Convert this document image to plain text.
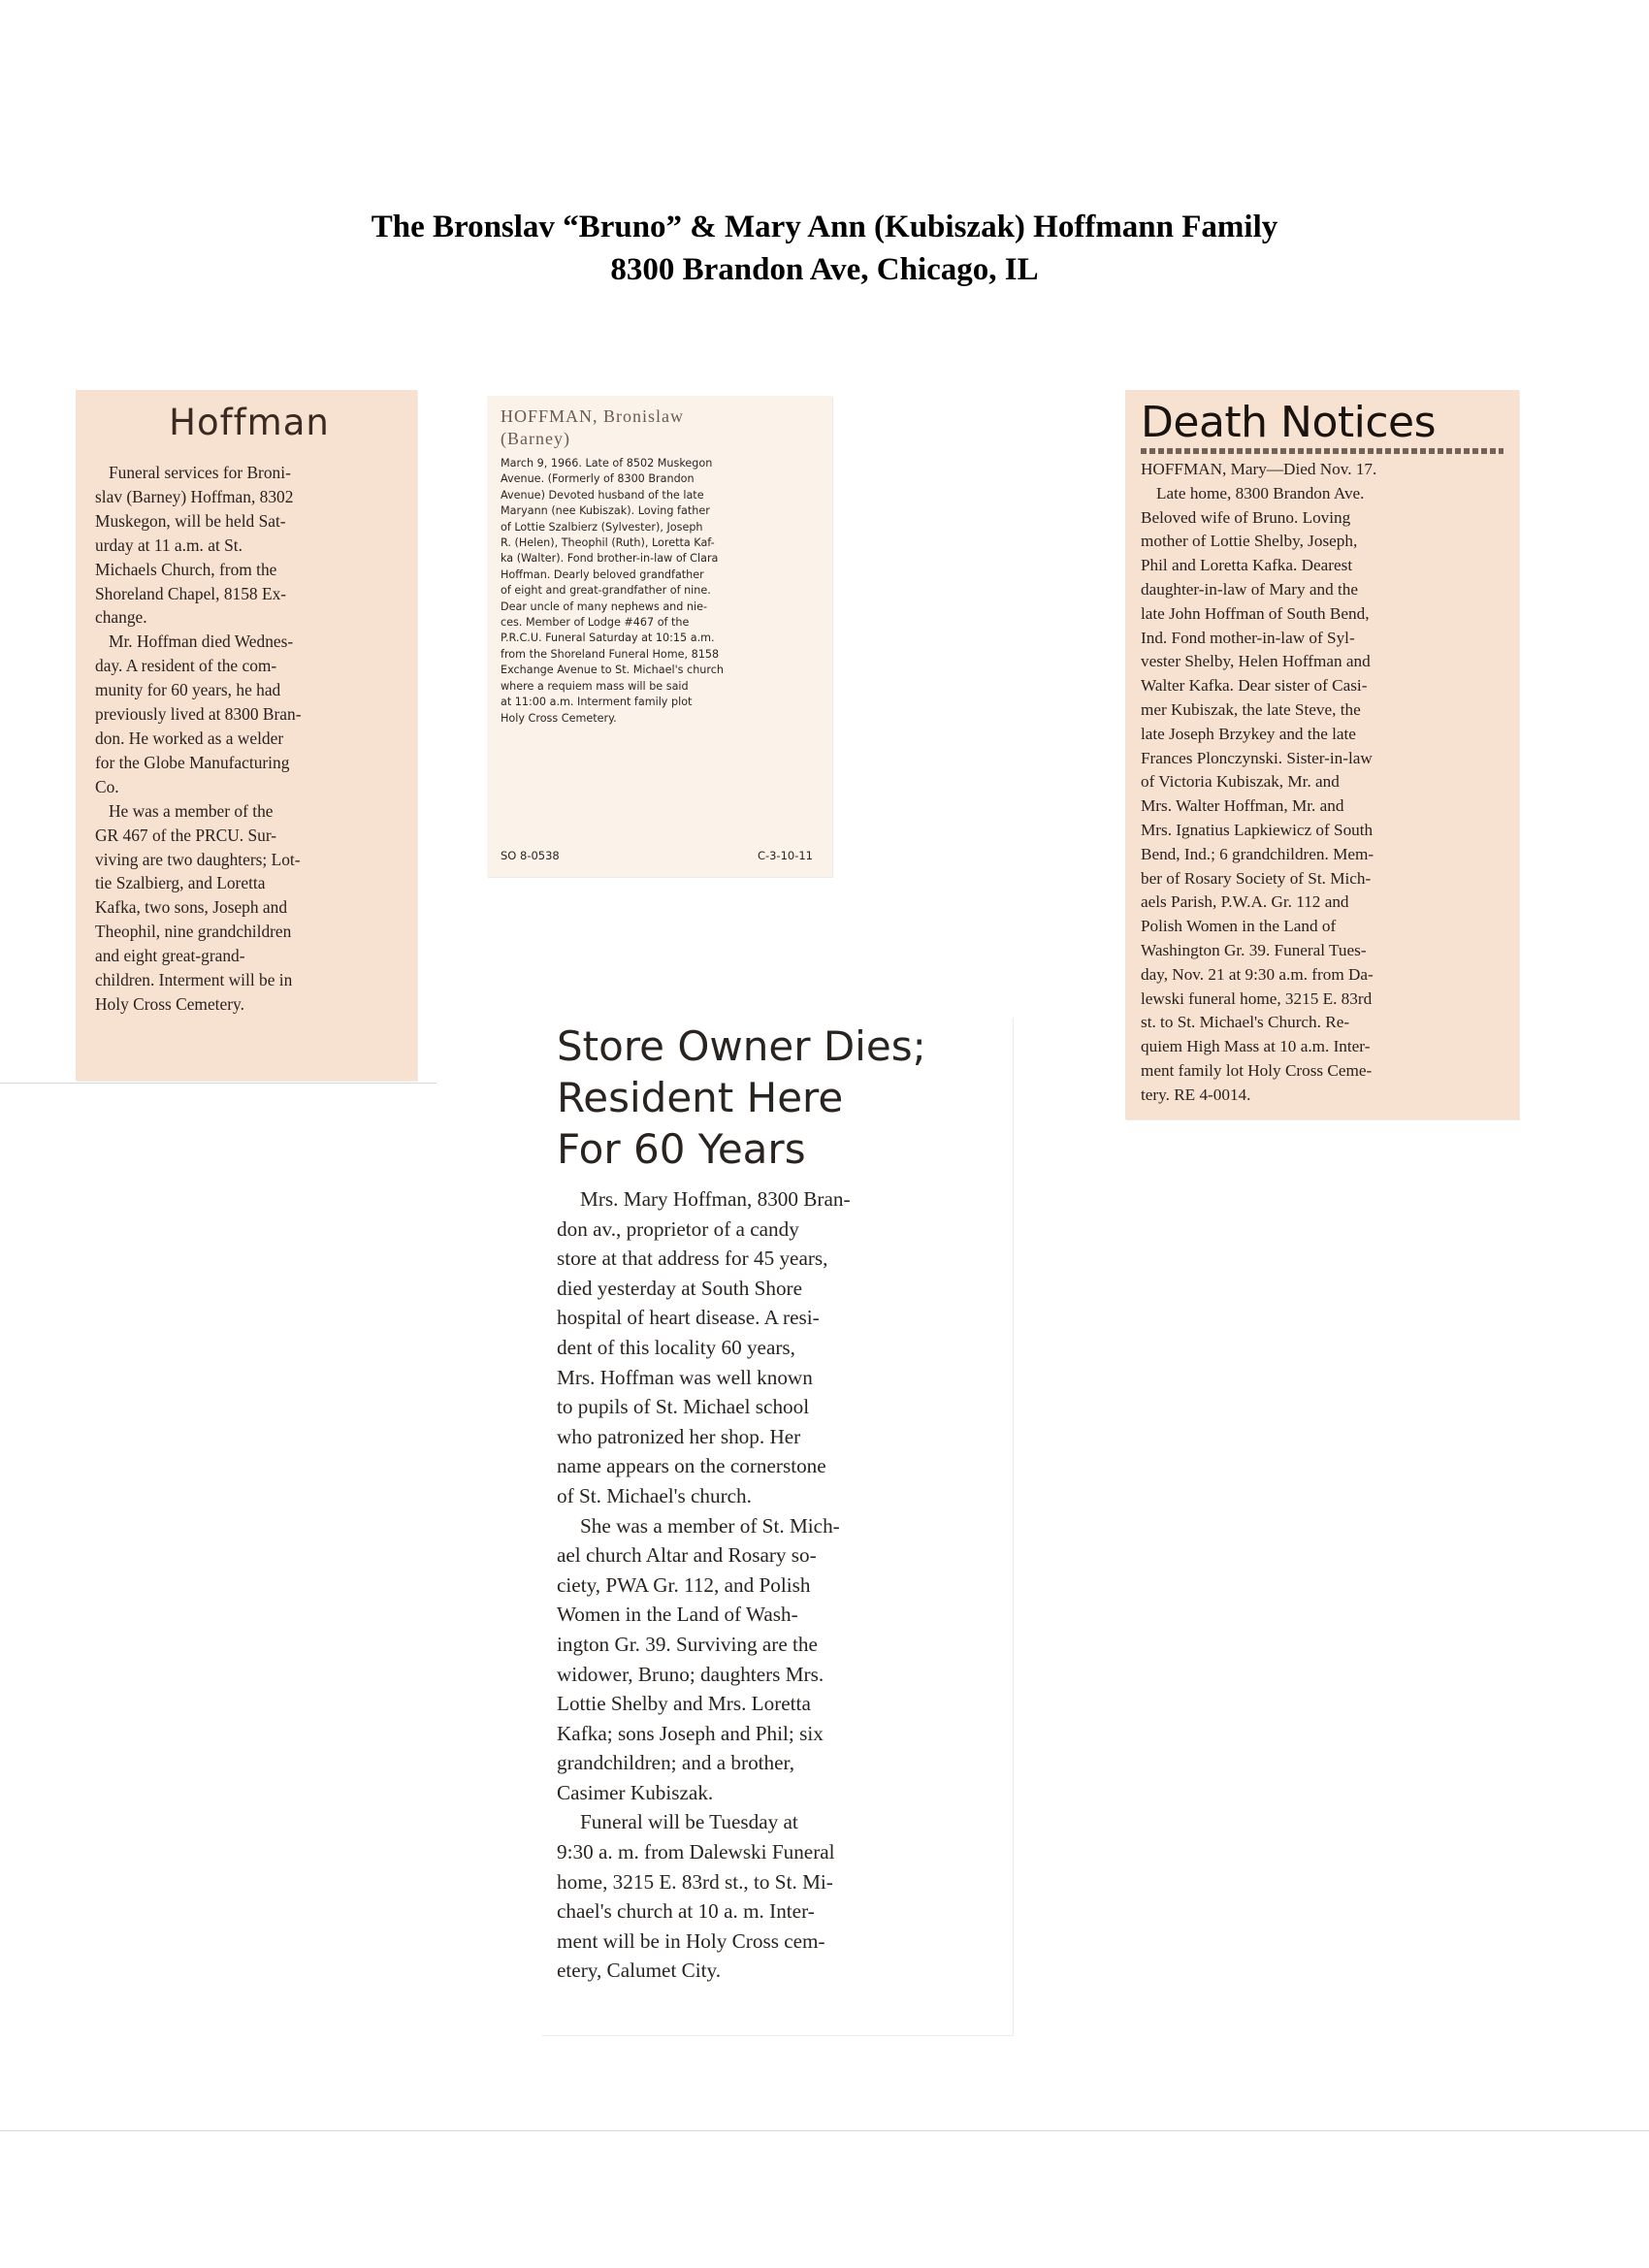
The Bronslav “Bruno” & Mary Ann (Kubiszak) Hoffmann Family
8300 Brandon Ave, Chicago, IL
Hoffman

Funeral services for Broni-

slav (Barney) Hoffman, 8302

Muskegon, will be held Sat-

urday at 11 a.m. at St.

Michaels Church, from the

Shoreland Chapel, 8158 Ex-

change.

Mr. Hoffman died Wednes-

day. A resident of the com-

munity for 60 years, he had

previously lived at 8300 Bran-

don. He worked as a welder

for the Globe Manufacturing

Co.

He was a member of the

GR 467 of the PRCU. Sur-

viving are two daughters; Lot-

tie Szalbierg, and Loretta

Kafka, two sons, Joseph and

Theophil, nine grandchildren

and eight great-grand-

children. Interment will be in

Holy Cross Cemetery.

HOFFMAN, Bronislaw
(Barney)

March 9, 1966. Late of 8502 Muskegon

Avenue. (Formerly of 8300 Brandon

Avenue) Devoted husband of the late

Maryann (nee Kubiszak). Loving father

of Lottie Szalbierz (Sylvester), Joseph

R. (Helen), Theophil (Ruth), Loretta Kaf-

ka (Walter). Fond brother-in-law of Clara

Hoffman. Dearly beloved grandfather

of eight and great-grandfather of nine.

Dear uncle of many nephews and nie-

ces. Member of Lodge #467 of the

P.R.C.U. Funeral Saturday at 10:15 a.m.

from the Shoreland Funeral Home, 8158

Exchange Avenue to St. Michael's church

where a requiem mass will be said

at 11:00 a.m. Interment family plot

Holy Cross Cemetery.

SO 8-0538	C-3-10-11
Death Notices

HOFFMAN, Mary—Died Nov. 17.

Late home, 8300 Brandon Ave.

Beloved wife of Bruno. Loving

mother of Lottie Shelby, Joseph,

Phil and Loretta Kafka. Dearest

daughter-in-law of Mary and the

late John Hoffman of South Bend,

Ind. Fond mother-in-law of Syl-

vester Shelby, Helen Hoffman and

Walter Kafka. Dear sister of Casi-

mer Kubiszak, the late Steve, the

late Joseph Brzykey and the late

Frances Plonczynski. Sister-in-law

of Victoria Kubiszak, Mr. and

Mrs. Walter Hoffman, Mr. and

Mrs. Ignatius Lapkiewicz of South

Bend, Ind.; 6 grandchildren. Mem-

ber of Rosary Society of St. Mich-

aels Parish, P.W.A. Gr. 112 and

Polish Women in the Land of

Washington Gr. 39. Funeral Tues-

day, Nov. 21 at 9:30 a.m. from Da-

lewski funeral home, 3215 E. 83rd

st. to St. Michael's Church. Re-

quiem High Mass at 10 a.m. Inter-

ment family lot Holy Cross Ceme-

tery. RE 4-0014.

Store Owner Dies;
Resident Here
For 60 Years

Mrs. Mary Hoffman, 8300 Bran-

don av., proprietor of a candy

store at that address for 45 years,

died yesterday at South Shore

hospital of heart disease. A resi-

dent of this locality 60 years,

Mrs. Hoffman was well known

to pupils of St. Michael school

who patronized her shop. Her

name appears on the cornerstone

of St. Michael's church.

She was a member of St. Mich-

ael church Altar and Rosary so-

ciety, PWA Gr. 112, and Polish

Women in the Land of Wash-

ington Gr. 39. Surviving are the

widower, Bruno; daughters Mrs.

Lottie Shelby and Mrs. Loretta

Kafka; sons Joseph and Phil; six

grandchildren; and a brother,

Casimer Kubiszak.

Funeral will be Tuesday at

9:30 a. m. from Dalewski Funeral

home, 3215 E. 83rd st., to St. Mi-

chael's church at 10 a. m. Inter-

ment will be in Holy Cross cem-

etery, Calumet City.
